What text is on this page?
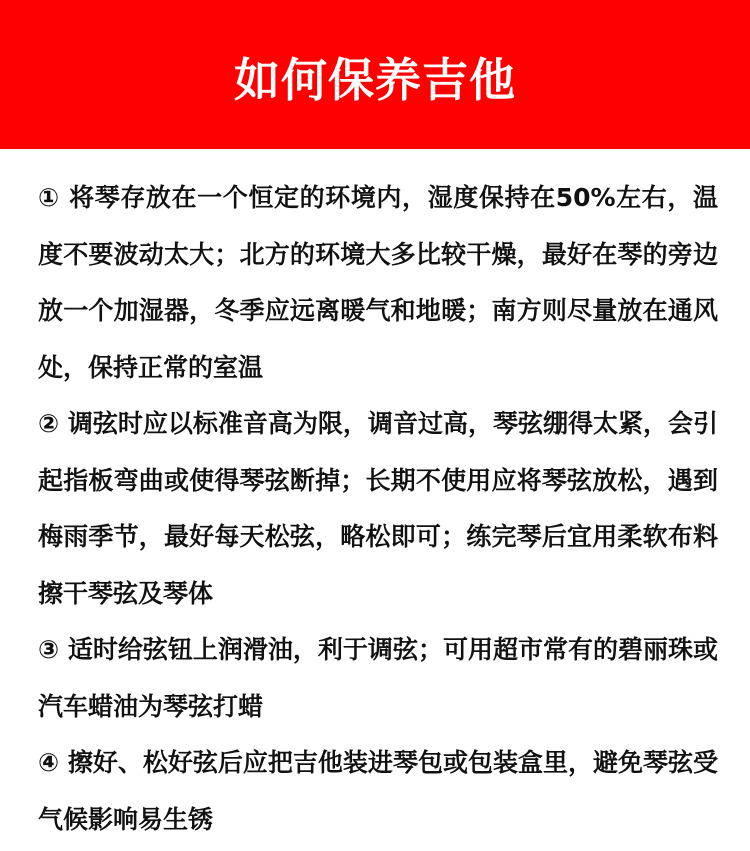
如何保养吉他

① 将琴存放在一个恒定的环境内，湿度保持在50%左右，温度不要波动太大；北方的环境大多比较干燥，最好在琴的旁边放一个加湿器，冬季应远离暖气和地暖；南方则尽量放在通风处，保持正常的室温

② 调弦时应以标准音高为限，调音过高，琴弦绷得太紧，会引起指板弯曲或使得琴弦断掉；长期不使用应将琴弦放松，遇到梅雨季节，最好每天松弦，略松即可；练完琴后宜用柔软布料擦干琴弦及琴体

③ 适时给弦钮上润滑油，利于调弦；可用超市常有的碧丽珠或汽车蜡油为琴弦打蜡

④ 擦好、松好弦后应把吉他装进琴包或包装盒里，避免琴弦受气候影响易生锈
